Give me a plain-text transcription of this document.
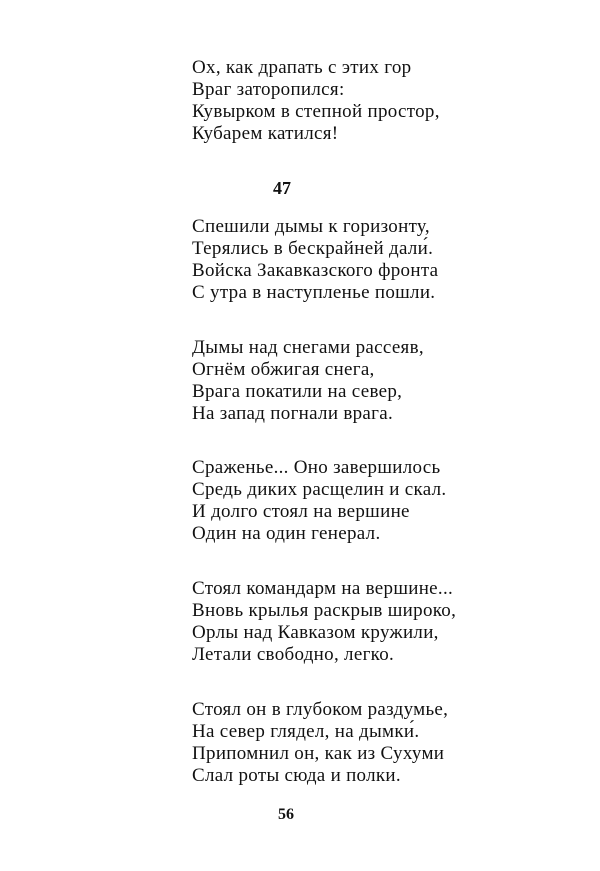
Ох, как драпать с этих гор
Враг заторопился:
Кувырком в степной простор,
Кубарем катился!
47
Спешили дымы к горизонту,
Терялись в бескрайней дали́.
Войска Закавказского фронта
С утра в наступленье пошли.
Дымы над снегами рассеяв,
Огнём обжигая снега,
Врага покатили на север,
На запад погнали врага.
Сраженье... Оно завершилось
Средь диких расщелин и скал.
И долго стоял на вершине
Один на один генерал.
Стоял командарм на вершине...
Вновь крылья раскрыв широко,
Орлы над Кавказом кружили,
Летали свободно, легко.
Стоял он в глубоком раздумье,
На север глядел, на дымки́.
Припомнил он, как из Сухуми
Слал роты сюда и полки.
56
